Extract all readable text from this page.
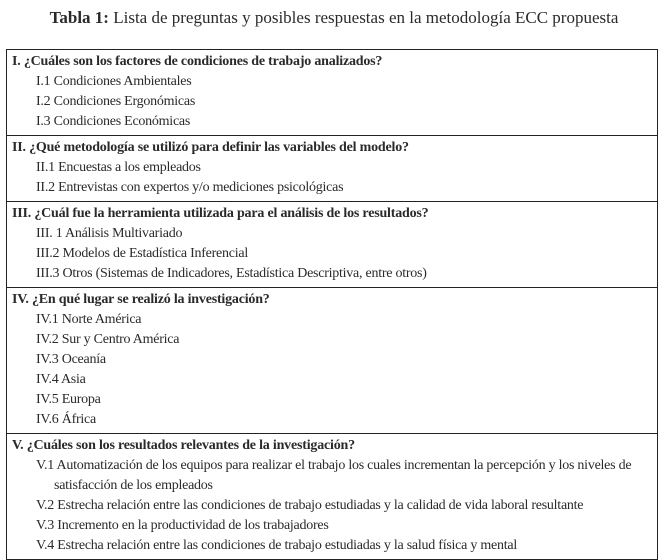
Tabla 1: Lista de preguntas y posibles respuestas en la metodología ECC propuesta
I. ¿Cuáles son los factores de condiciones de trabajo analizados?
I.1 Condiciones Ambientales
I.2 Condiciones Ergonómicas
I.3 Condiciones Económicas
II. ¿Qué metodología se utilizó para definir las variables del modelo?
II.1 Encuestas a los empleados
II.2 Entrevistas con expertos y/o mediciones psicológicas
III. ¿Cuál fue la herramienta utilizada para el análisis de los resultados?
III. 1 Análisis Multivariado
III.2 Modelos de Estadística Inferencial
III.3 Otros (Sistemas de Indicadores, Estadística Descriptiva, entre otros)
IV. ¿En qué lugar se realizó la investigación?
IV.1 Norte América
IV.2 Sur y Centro América
IV.3 Oceanía
IV.4 Asia
IV.5 Europa
IV.6 África
V. ¿Cuáles son los resultados relevantes de la investigación?
V.1 Automatización de los equipos para realizar el trabajo los cuales incrementan la percepción y los niveles de satisfacción de los empleados
V.2 Estrecha relación entre las condiciones de trabajo estudiadas y la calidad de vida laboral resultante
V.3 Incremento en la productividad de los trabajadores
V.4 Estrecha relación entre las condiciones de trabajo estudiadas y la salud física y mental
